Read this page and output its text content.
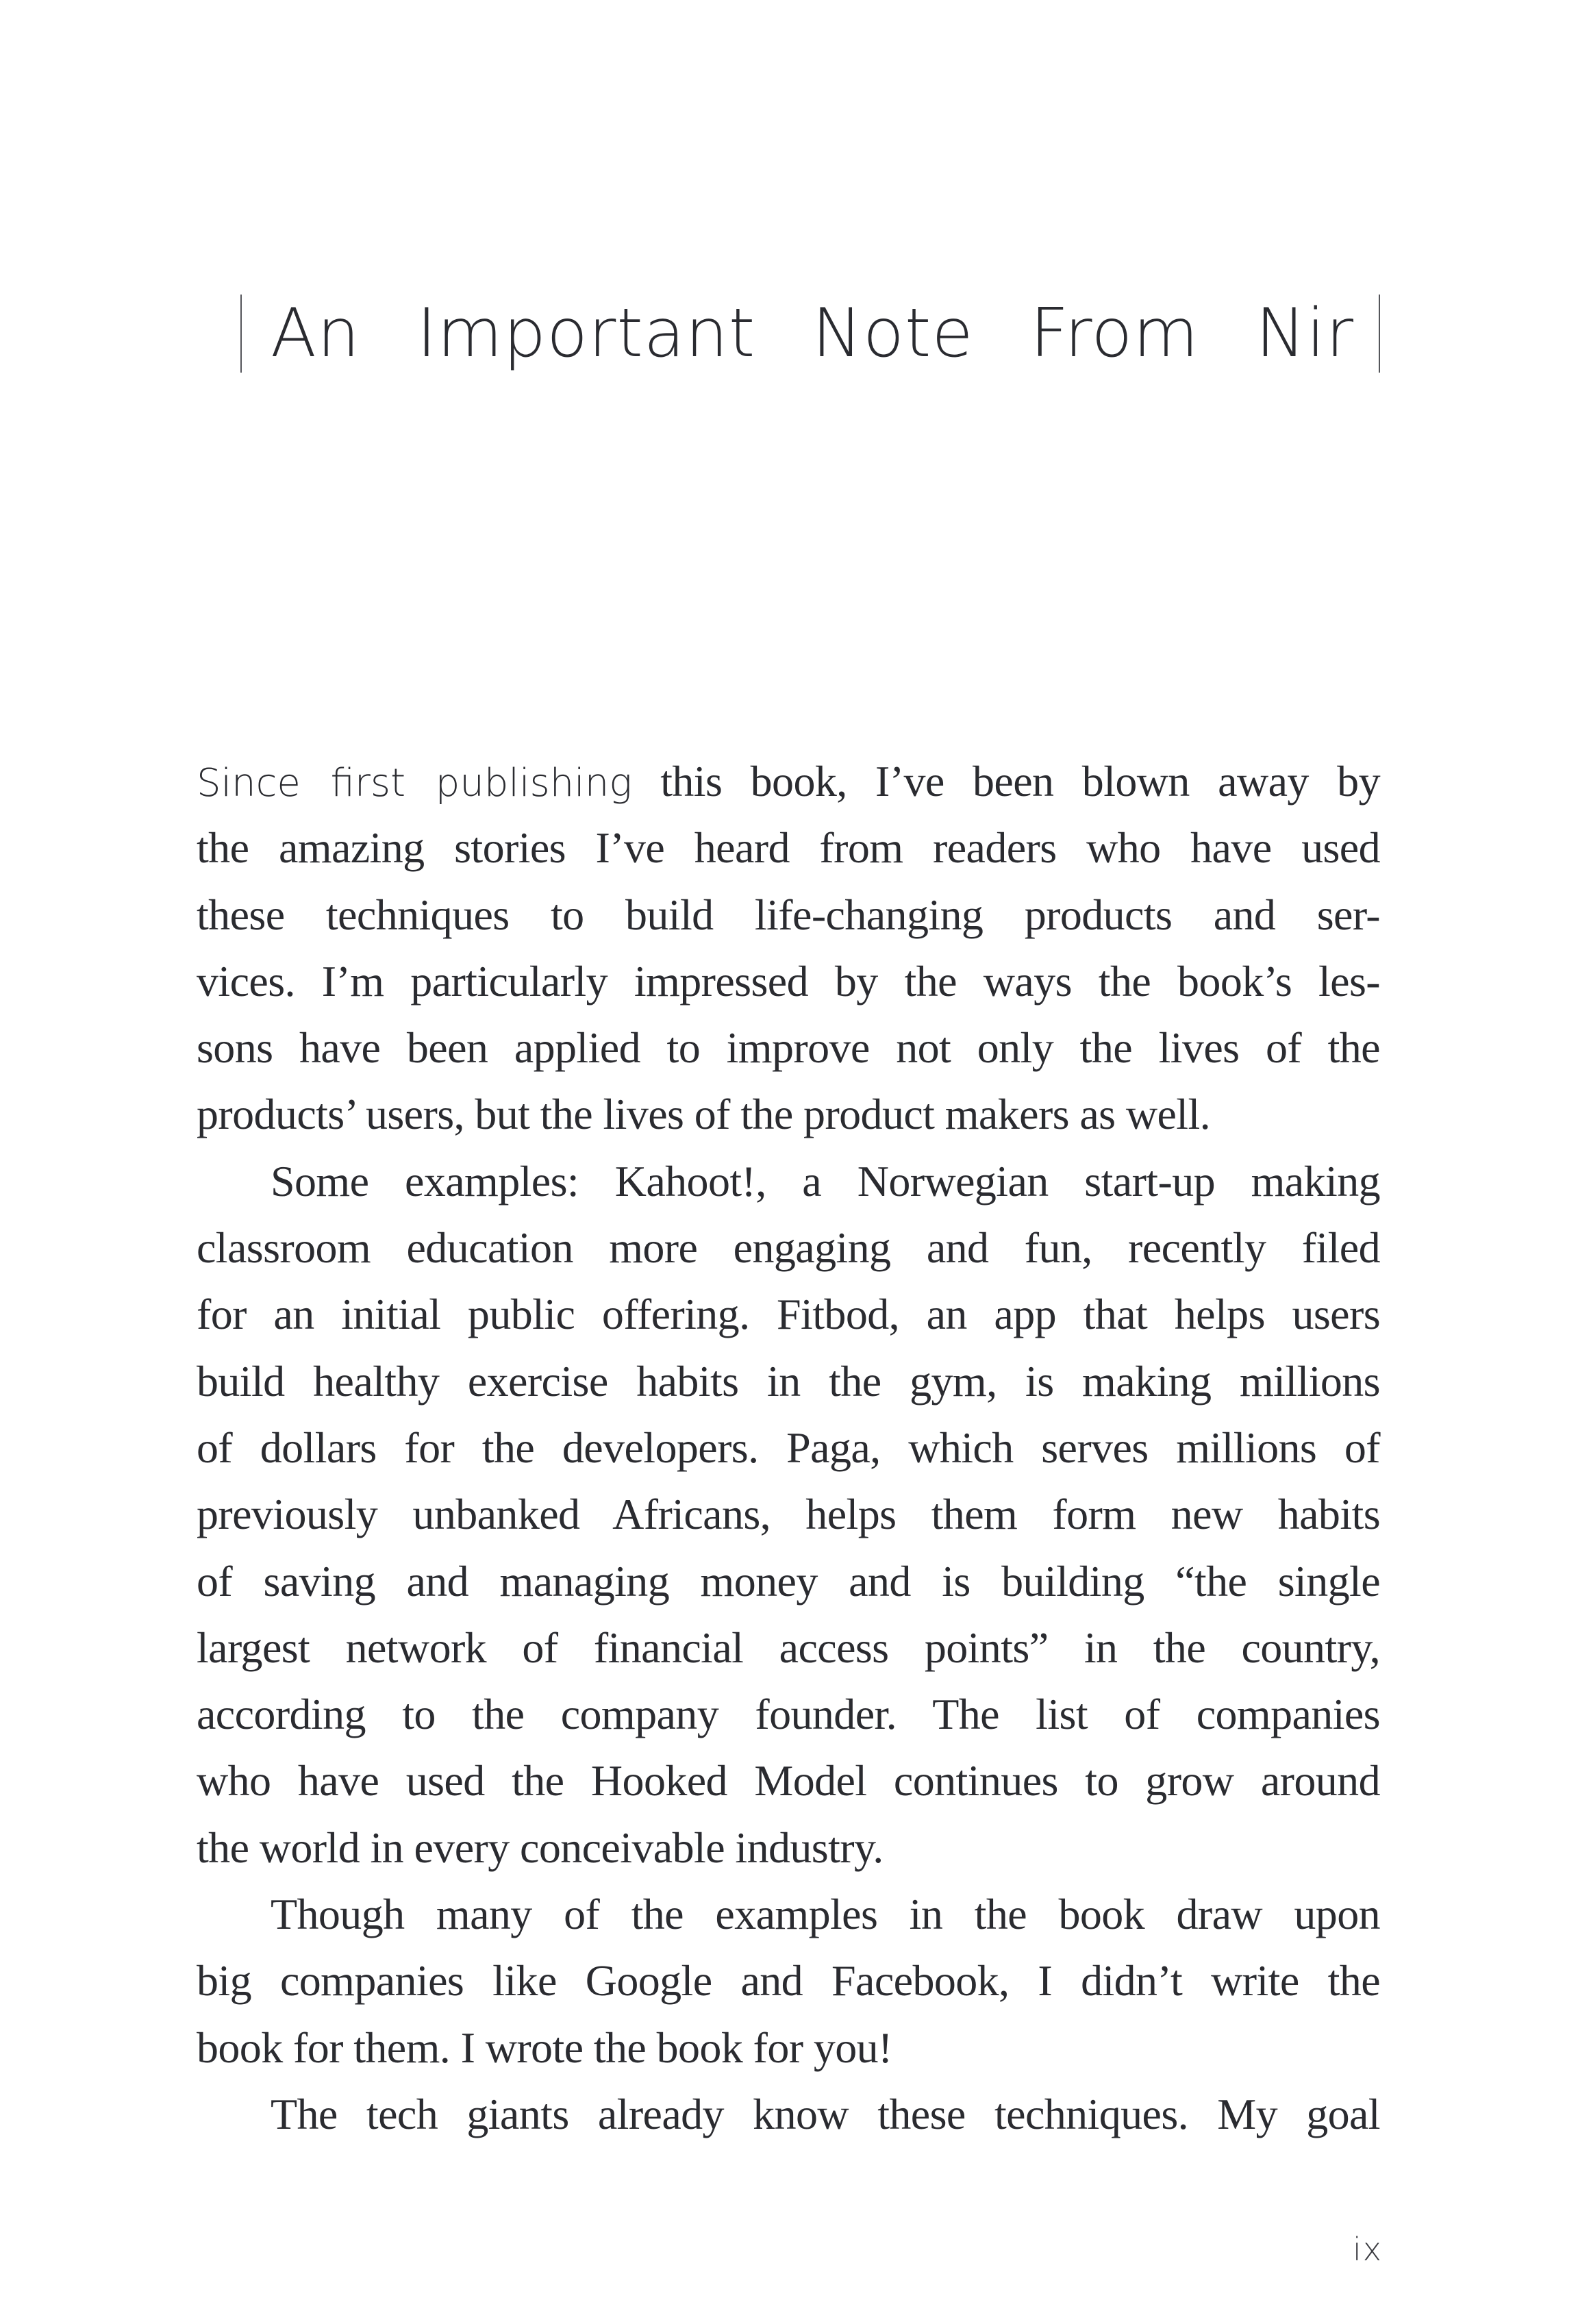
An Important Note From Nir
Since first publishing this book, I’ve been blown away by
the amazing stories I’ve heard from readers who have used
these techniques to build life-changing products and ser-
vices. I’m particularly impressed by the ways the book’s les-
sons have been applied to improve not only the lives of the
products’ users, but the lives of the product makers as well.
Some examples: Kahoot!, a Norwegian start-up making
classroom education more engaging and fun, recently filed
for an initial public offering. Fitbod, an app that helps users
build healthy exercise habits in the gym, is making millions
of dollars for the developers. Paga, which serves millions of
previously unbanked Africans, helps them form new habits
of saving and managing money and is building “the single
largest network of financial access points” in the country,
according to the company founder. The list of companies
who have used the Hooked Model continues to grow around
the world in every conceivable industry.
Though many of the examples in the book draw upon
big companies like Google and Facebook, I didn’t write the
book for them. I wrote the book for you!
The tech giants already know these techniques. My goal
ix
